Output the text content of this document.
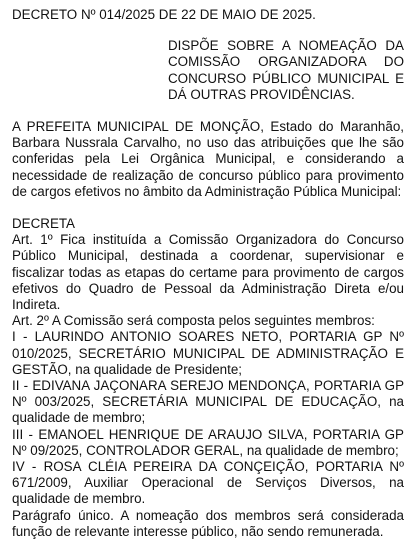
DECRETO Nº 014/2025 DE 22 DE MAIO DE 2025.

DISPÕE SOBRE A NOMEAÇÃO DA COMISSÃO ORGANIZADORA DO CONCURSO PÚBLICO MUNICIPAL E DÁ OUTRAS PROVIDÊNCIAS.

A PREFEITA MUNICIPAL DE MONÇÃO, Estado do Maranhão, Barbara Nussrala Carvalho, no uso das atribuições que lhe são conferidas pela Lei Orgânica Municipal, e considerando a necessidade de realização de concurso público para provimento de cargos efetivos no âmbito da Administração Pública Municipal:

DECRETA

Art. 1º Fica instituída a Comissão Organizadora do Concurso Público Municipal, destinada a coordenar, supervisionar e fiscalizar todas as etapas do certame para provimento de cargos efetivos do Quadro de Pessoal da Administração Direta e/ou Indireta.

Art. 2º A Comissão será composta pelos seguintes membros:

I - LAURINDO ANTONIO SOARES NETO, PORTARIA GP Nº 010/2025, SECRETÁRIO MUNICIPAL DE ADMINISTRAÇÃO E GESTÃO, na qualidade de Presidente;

II - EDIVANA JAÇONARA SEREJO MENDONÇA, PORTARIA GP Nº 003/2025, SECRETÁRIA MUNICIPAL DE EDUCAÇÃO, na qualidade de membro;

III - EMANOEL HENRIQUE DE ARAUJO SILVA, PORTARIA GP Nº 09/2025, CONTROLADOR GERAL, na qualidade de membro;

IV - ROSA CLÉIA PEREIRA DA CONÇEIÇÃO, PORTARIA Nº 671/2009, Auxiliar Operacional de Serviços Diversos, na qualidade de membro.

Parágrafo único. A nomeação dos membros será considerada função de relevante interesse público, não sendo remunerada.
